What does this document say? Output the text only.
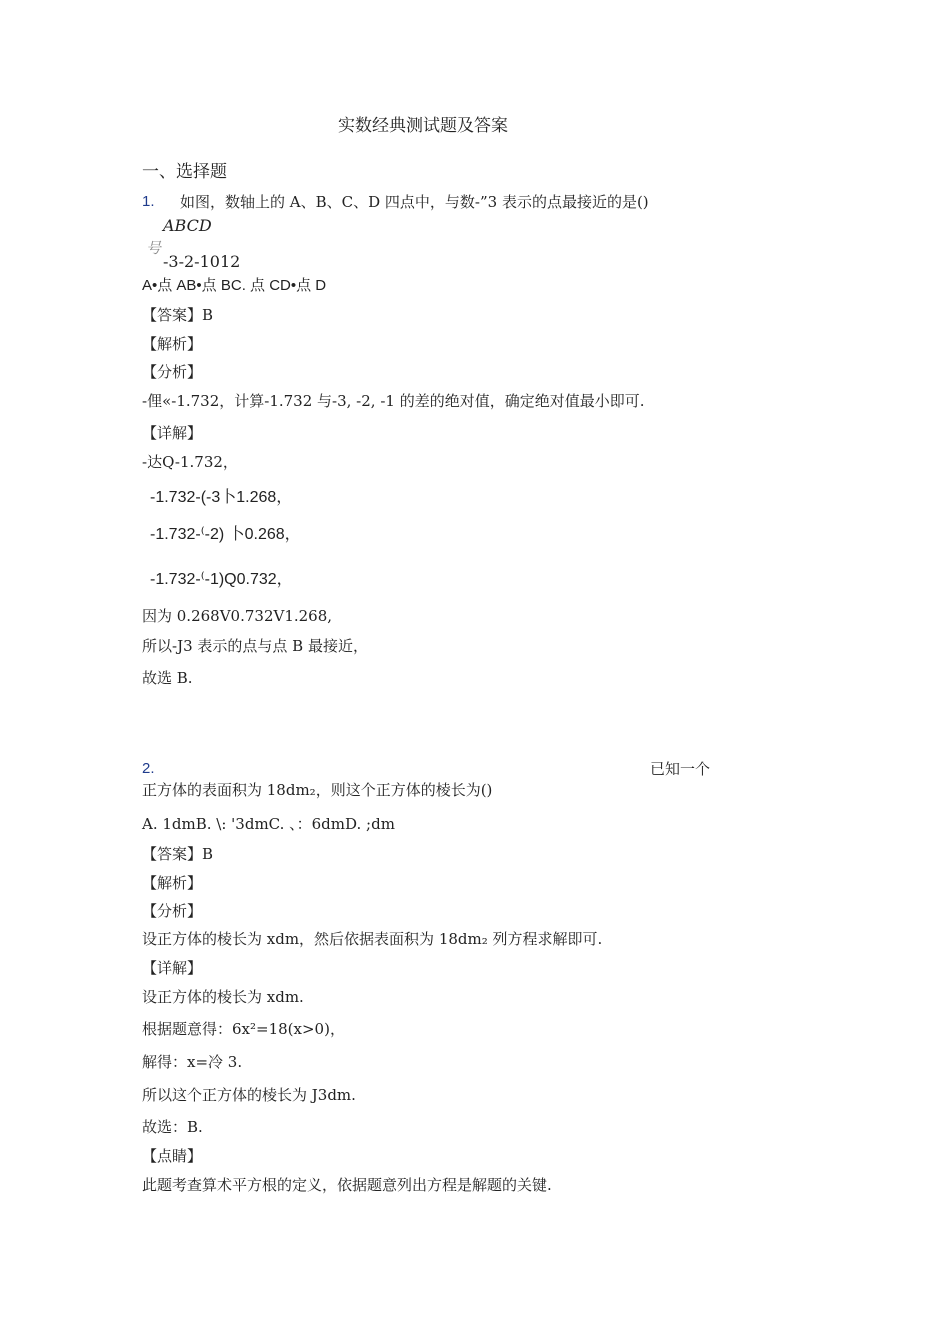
实数经典测试题及答案
一、选择题
1. 如图，数轴上的 A、B、C、D 四点中，与数-”3 表示的点最接近的是()
ABCD
号
-3-2-1012
A•点 AB•点 BC. 点 CD•点 D
【答案】B
【解析】
【分析】
-俚«-1.732，计算-1.732 与-3, -2, -1 的差的绝对值，确定绝对值最小即可.
【详解】
-达Q-1.732，
-1.732-(-3卜1.268，
-1.732-⁽-2) 卜0.268，
-1.732-⁽-1)Q0.732，
因为 0.268V0.732V1.268,
所以-J3 表示的点与点 B 最接近，
故选 B.
2.	已知一个
正方体的表面积为 18dm₂，则这个正方体的棱长为()
A. 1dmB. \: '3dmC. 、：6dmD. ;dm
【答案】B
【解析】
【分析】
设正方体的棱长为 xdm，然后依据表面积为 18dm₂ 列方程求解即可.
【详解】
设正方体的棱长为 xdm.
根据题意得：6x²=18(x>0)，
解得：x=冷 3.
所以这个正方体的棱长为 J3dm.
故选：B.
【点睛】
此题考查算术平方根的定义，依据题意列出方程是解题的关键.
